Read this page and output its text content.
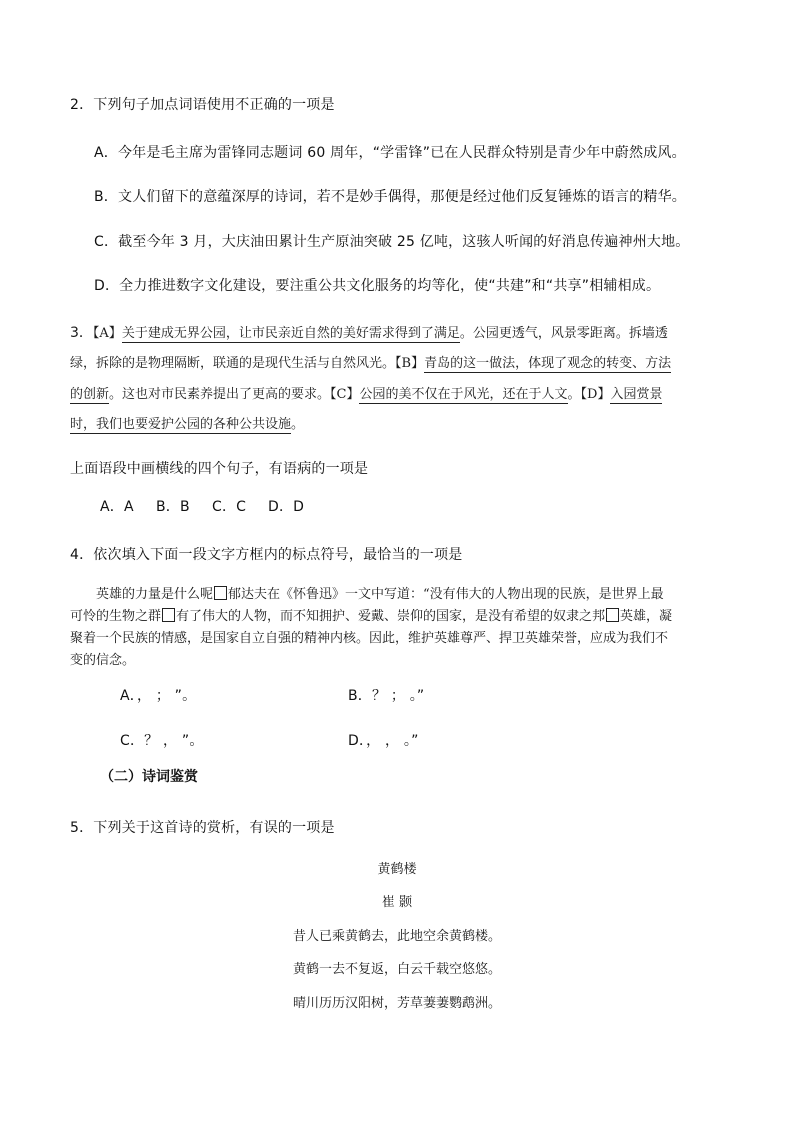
2．下列句子加点词语使用不正确的一项是
A．今年是毛主席为雷锋同志题词 60 周年，“学雷锋”已在人民群众特别是青少年中蔚然成风。
B．文人们留下的意蕴深厚的诗词，若不是妙手偶得，那便是经过他们反复锤炼的语言的精华。
C．截至今年 3 月，大庆油田累计生产原油突破 25 亿吨，这骇人听闻的好消息传遍神州大地。
D．全力推进数字文化建设，要注重公共文化服务的均等化，使“共建”和“共享”相辅相成。
3．【A】关于建成无界公园，让市民亲近自然的美好需求得到了满足。公园更透气，风景零距离。拆墙透
绿，拆除的是物理隔断，联通的是现代生活与自然风光。【B】青岛的这一做法，体现了观念的转变、方法
的创新。这也对市民素养提出了更高的要求。【C】公园的美不仅在于风光，还在于人文。【D】入园赏景
时，我们也要爱护公园的各种公共设施。
上面语段中画横线的四个句子，有语病的一项是
A．A B．B C．C D．D
4．依次填入下面一段文字方框内的标点符号，最恰当的一项是
英雄的力量是什么呢 郁达夫在《怀鲁迅》一文中写道：“没有伟大的人物出现的民族，是世界上最
可怜的生物之群 有了伟大的人物，而不知拥护、爱戴、崇仰的国家，是没有希望的奴隶之邦 英雄，凝
聚着一个民族的情感，是国家自立自强的精神内核。因此，维护英雄尊严、捍卫英雄荣誉，应成为我们不
变的信念。
A．， ； ”。	B．？ ； 。”
C．？ ， ”。	D．， ， 。”
（二）诗词鉴赏
5．下列关于这首诗的赏析，有误的一项是
黄鹤楼
崔 颢
昔人已乘黄鹤去，此地空余黄鹤楼。
黄鹤一去不复返，白云千载空悠悠。
晴川历历汉阳树，芳草萋萋鹦鹉洲。
